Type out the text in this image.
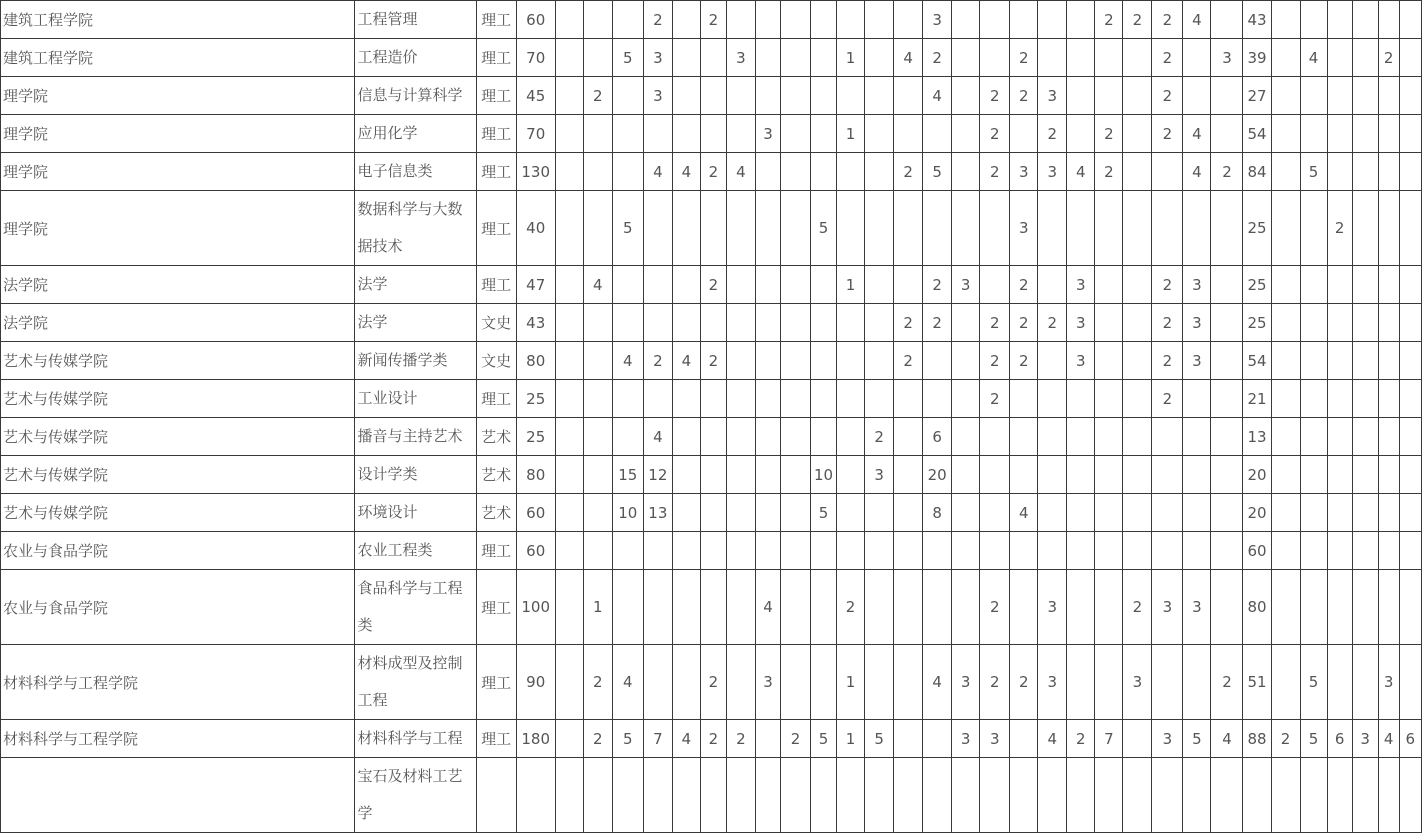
建筑工程学院	工程管理	理工	60				2		2								3						2	2	2	4		43						
建筑工程学院	工程造价	理工	70			5	3			3				1		4	2			2					2		3	39		4			2	
理学院	信息与计算科学	理工	45		2		3										4		2	2	3				2			27						
理学院	应用化学	理工	70								3			1					2		2		2		2	4		54						
理学院	电子信息类	理工	130				4	4	2	4						2	5		2	3	3	4	2			4	2	84		5				
理学院	数据科学与大数据技术	理工	40			5							5							3								25			2			
法学院	法学	理工	47		4				2					1			2	3		2		3			2	3		25						
法学院	法学	文史	43													2	2		2	2	2	3			2	3		25						
艺术与传媒学院	新闻传播学类	文史	80			4	2	4	2							2			2	2		3			2	3		54						
艺术与传媒学院	工业设计	理工	25																2						2			21						
艺术与传媒学院	播音与主持艺术	艺术	25				4								2		6											13						
艺术与传媒学院	设计学类	艺术	80			15	12						10		3		20											20						
艺术与传媒学院	环境设计	艺术	60			10	13						5				8			4								20						
农业与食品学院	农业工程类	理工	60																									60						
农业与食品学院	食品科学与工程类	理工	100		1						4			2					2		3			2	3	3		80						
材料科学与工程学院	材料成型及控制工程	理工	90		2	4			2		3			1			4	3	2	2	3			3			2	51		5			3	
材料科学与工程学院	材料科学与工程	理工	180		2	5	7	4	2	2		2	5	1	5			3	3		4	2	7		3	5	4	88	2	5	6	3	4	6
	宝石及材料工艺学																																	
